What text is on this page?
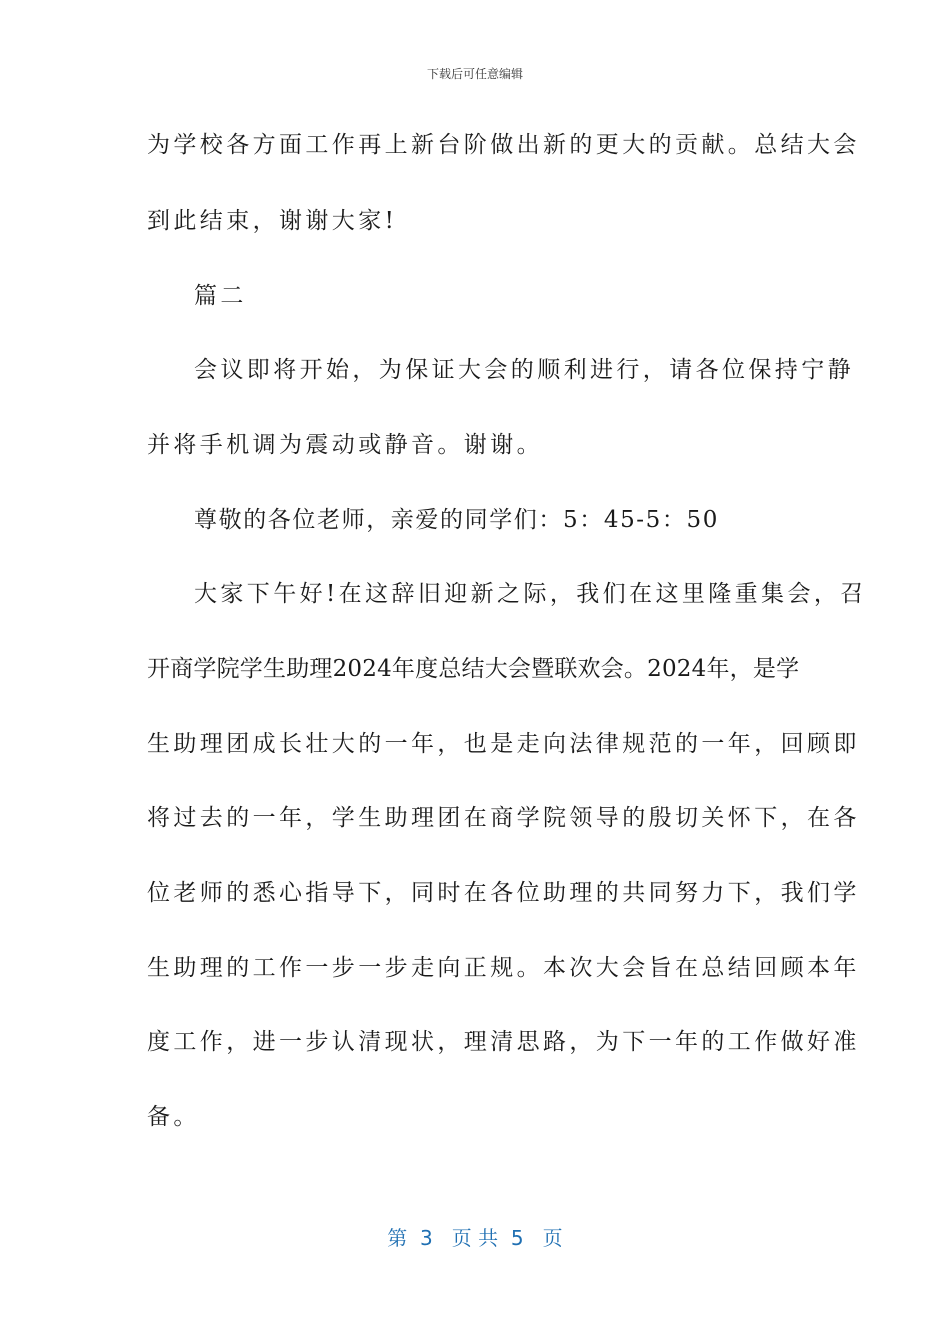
下载后可任意编辑
为学校各方面工作再上新台阶做出新的更大的贡献。总结大会
到此结束，谢谢大家!
篇二
会议即将开始，为保证大会的顺利进行，请各位保持宁静
并将手机调为震动或静音。谢谢。
尊敬的各位老师，亲爱的同学们：5：45-5：50
大家下午好!在这辞旧迎新之际，我们在这里隆重集会，召
开商学院学生助理2024年度总结大会暨联欢会。2024年，是学
生助理团成长壮大的一年，也是走向法律规范的一年，回顾即
将过去的一年，学生助理团在商学院领导的殷切关怀下，在各
位老师的悉心指导下，同时在各位助理的共同努力下，我们学
生助理的工作一步一步走向正规。本次大会旨在总结回顾本年
度工作，进一步认清现状，理清思路，为下一年的工作做好准
备。
第  3   页 共  5   页
